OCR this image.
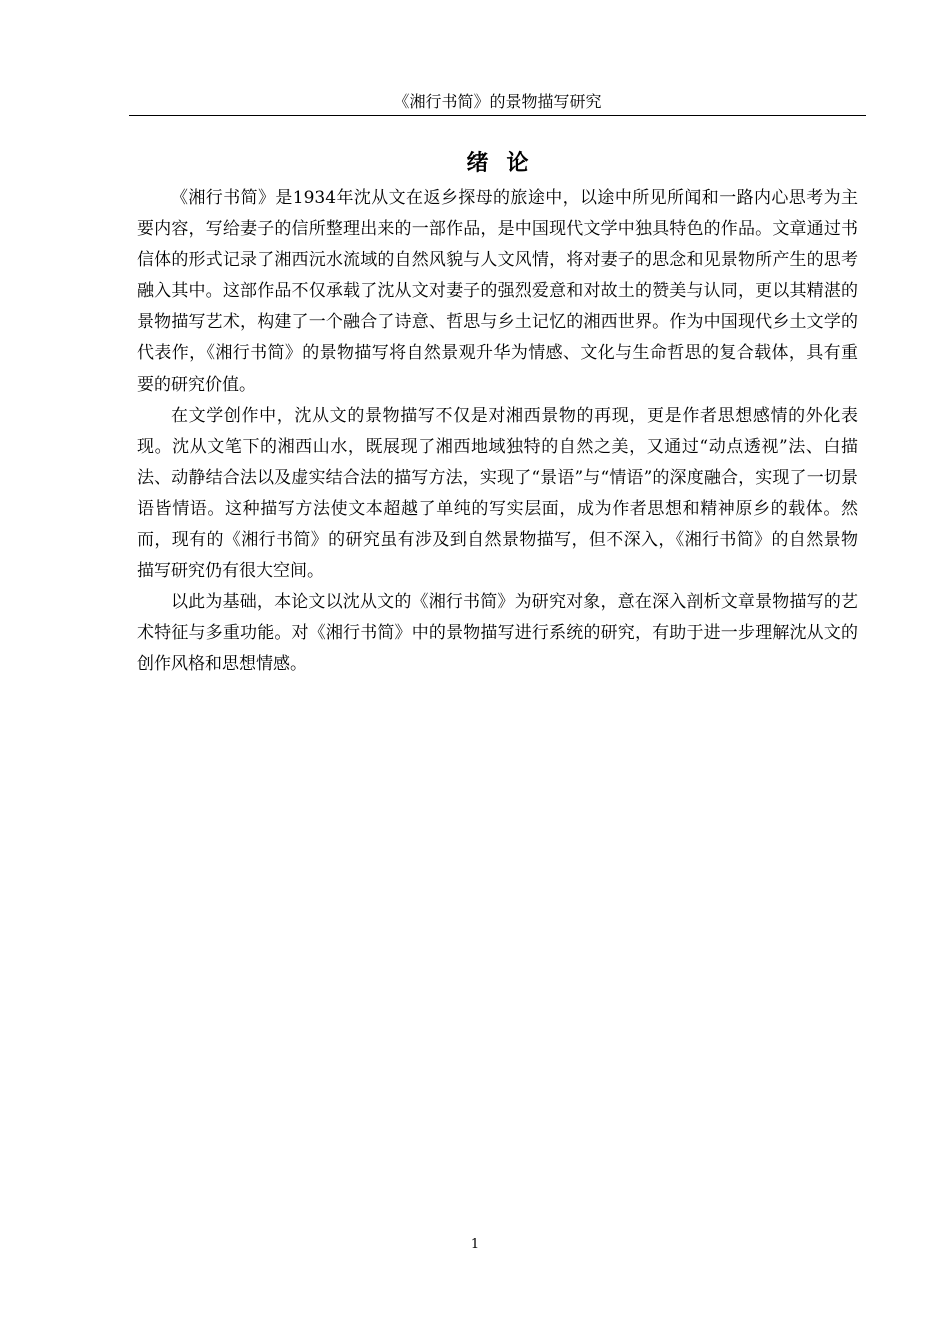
《湘行书简》的景物描写研究
绪论

《湘行书简》是1934年沈从文在返乡探母的旅途中，以途中所见所闻和一路内心思考为主要内容，写给妻子的信所整理出来的一部作品，是中国现代文学中独具特色的作品。文章通过书信体的形式记录了湘西沅水流域的自然风貌与人文风情，将对妻子的思念和见景物所产生的思考融入其中。这部作品不仅承载了沈从文对妻子的强烈爱意和对故土的赞美与认同，更以其精湛的景物描写艺术，构建了一个融合了诗意、哲思与乡土记忆的湘西世界。作为中国现代乡土文学的代表作，《湘行书简》的景物描写将自然景观升华为情感、文化与生命哲思的复合载体，具有重要的研究价值。

在文学创作中，沈从文的景物描写不仅是对湘西景物的再现，更是作者思想感情的外化表现。沈从文笔下的湘西山水，既展现了湘西地域独特的自然之美，又通过“动点透视”法、白描法、动静结合法以及虚实结合法的描写方法，实现了“景语”与“情语”的深度融合，实现了一切景语皆情语。这种描写方法使文本超越了单纯的写实层面，成为作者思想和精神原乡的载体。然而，现有的《湘行书简》的研究虽有涉及到自然景物描写，但不深入，《湘行书简》的自然景物描写研究仍有很大空间。

以此为基础，本论文以沈从文的《湘行书简》为研究对象，意在深入剖析文章景物描写的艺术特征与多重功能。对《湘行书简》中的景物描写进行系统的研究，有助于进一步理解沈从文的创作风格和思想情感。

1
